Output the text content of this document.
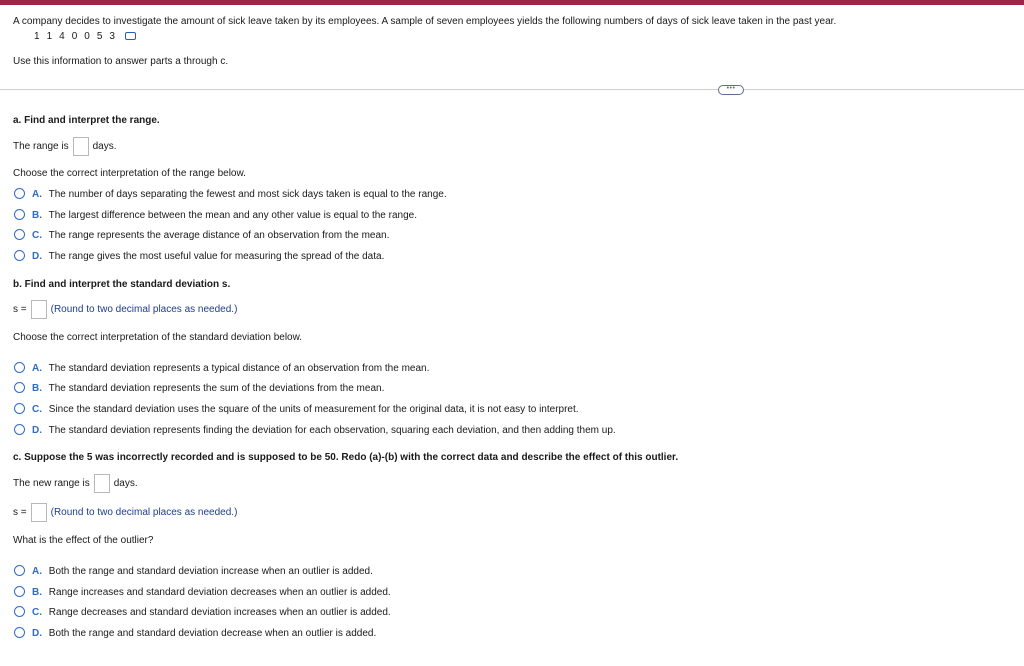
A company decides to investigate the amount of sick leave taken by its employees. A sample of seven employees yields the following numbers of days of sick leave taken in the past year.
1 1 4 0 0 5 3
Use this information to answer parts a through c.
•••
a. Find and interpret the range.
The range is days.
Choose the correct interpretation of the range below.
A. The number of days separating the fewest and most sick days taken is equal to the range.
B. The largest difference between the mean and any other value is equal to the range.
C. The range represents the average distance of an observation from the mean.
D. The range gives the most useful value for measuring the spread of the data.
b. Find and interpret the standard deviation s.
s = (Round to two decimal places as needed.)
Choose the correct interpretation of the standard deviation below.
A. The standard deviation represents a typical distance of an observation from the mean.
B. The standard deviation represents the sum of the deviations from the mean.
C. Since the standard deviation uses the square of the units of measurement for the original data, it is not easy to interpret.
D. The standard deviation represents finding the deviation for each observation, squaring each deviation, and then adding them up.
c. Suppose the 5 was incorrectly recorded and is supposed to be 50. Redo (a)-(b) with the correct data and describe the effect of this outlier.
The new range is days.
s = (Round to two decimal places as needed.)
What is the effect of the outlier?
A. Both the range and standard deviation increase when an outlier is added.
B. Range increases and standard deviation decreases when an outlier is added.
C. Range decreases and standard deviation increases when an outlier is added.
D. Both the range and standard deviation decrease when an outlier is added.
